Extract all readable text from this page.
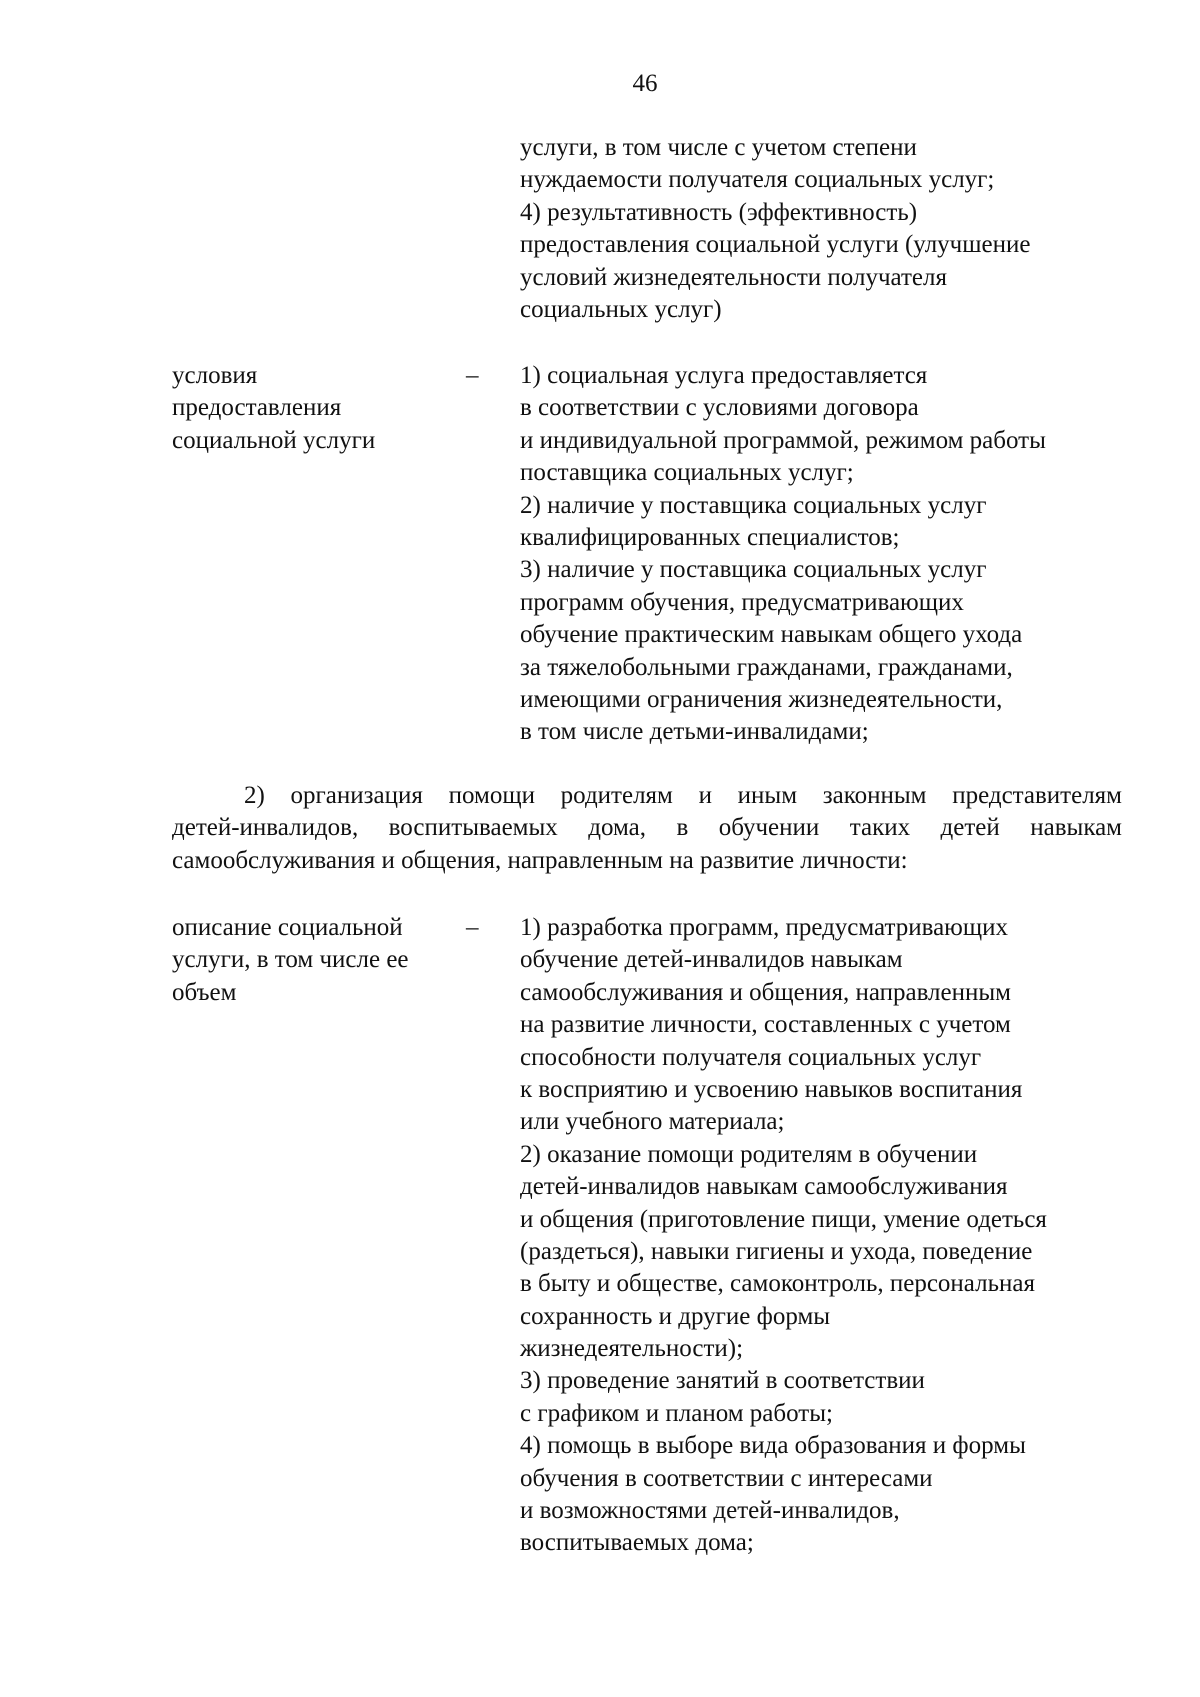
46
услуги, в том числе с учетом степени
нуждаемости получателя социальных услуг;
4) результативность (эффективность)
предоставления социальной услуги (улучшение
условий жизнедеятельности получателя
социальных услуг)
условия
предоставления
социальной услуги
– 1) социальная услуга предоставляется
в соответствии с условиями договора
и индивидуальной программой, режимом работы
поставщика социальных услуг;
2) наличие у поставщика социальных услуг
квалифицированных специалистов;
3) наличие у поставщика социальных услуг
программ обучения, предусматривающих
обучение практическим навыкам общего ухода
за тяжелобольными гражданами, гражданами,
имеющими ограничения жизнедеятельности,
в том числе детьми-инвалидами;
2) организация помощи родителям и иным законным представителям
детей-инвалидов, воспитываемых дома, в обучении таких детей навыкам
самообслуживания и общения, направленным на развитие личности:
описание социальной
услуги, в том числе ее
объем
– 1) разработка программ, предусматривающих
обучение детей-инвалидов навыкам
самообслуживания и общения, направленным
на развитие личности, составленных с учетом
способности получателя социальных услуг
к восприятию и усвоению навыков воспитания
или учебного материала;
2) оказание помощи родителям в обучении
детей-инвалидов навыкам самообслуживания
и общения (приготовление пищи, умение одеться
(раздеться), навыки гигиены и ухода, поведение
в быту и обществе, самоконтроль, персональная
сохранность и другие формы
жизнедеятельности);
3) проведение занятий в соответствии
с графиком и планом работы;
4) помощь в выборе вида образования и формы
обучения в соответствии с интересами
и возможностями детей-инвалидов,
воспитываемых дома;
